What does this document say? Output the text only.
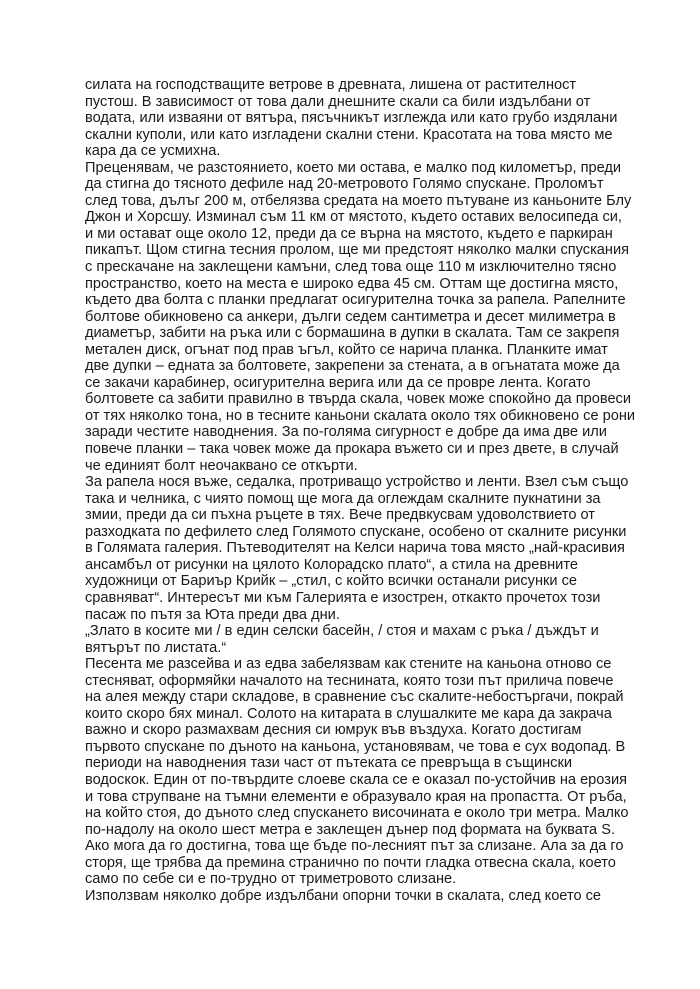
силата на господстващите ветрове в древната, лишена от растителност
пустош. В зависимост от това дали днешните скали са били издълбани от
водата, или изваяни от вятъра, пясъчникът изглежда или като грубо издялани
скални куполи, или като изгладени скални стени. Красотата на това място ме
кара да се усмихна.
Преценявам, че разстоянието, което ми остава, е малко под километър, преди
да стигна до тясното дефиле над 20-метровото Голямо спускане. Проломът
след това, дълъг 200 м, отбелязва средата на моето пътуване из каньоните Блу
Джон и Хорсшу. Изминал съм 11 км от мястото, където оставих велосипеда си,
и ми остават още около 12, преди да се върна на мястото, където е паркиран
пикапът. Щом стигна тесния пролом, ще ми предстоят няколко малки спускания
с прескачане на заклещени камъни, след това още 110 м изключително тясно
пространство, което на места е широко едва 45 см. Оттам ще достигна място,
където два болта с планки предлагат осигурителна точка за рапела. Рапелните
болтове обикновено са анкери, дълги седем сантиметра и десет милиметра в
диаметър, забити на ръка или с бормашина в дупки в скалата. Там се закрепя
метален диск, огънат под прав ъгъл, който се нарича планка. Планките имат
две дупки – едната за болтовете, закрепени за стената, а в огънатата може да
се закачи карабинер, осигурителна верига или да се провре лента. Когато
болтовете са забити правилно в твърда скала, човек може спокойно да провеси
от тях няколко тона, но в тесните каньони скалата около тях обикновено се рони
заради честите наводнения. За по-голяма сигурност е добре да има две или
повече планки – така човек може да прокара въжето си и през двете, в случай
че единият болт неочаквано се откърти.
За рапела нося въже, седалка, протриващо устройство и ленти. Взел съм също
така и челника, с чиято помощ ще мога да оглеждам скалните пукнатини за
змии, преди да си пъхна ръцете в тях. Вече предвкусвам удоволствието от
разходката по дефилето след Голямото спускане, особено от скалните рисунки
в Голямата галерия. Пътеводителят на Келси нарича това място „най-красивия
ансамбъл от рисунки на цялото Колорадско плато“, а стила на древните
художници от Бариър Крийк – „стил, с който всички останали рисунки се
сравняват“. Интересът ми към Галерията е изострен, откакто прочетох този
пасаж по пътя за Юта преди два дни.
„Злато в косите ми / в един селски басейн, / стоя и махам с ръка / дъждът и
вятърът по листата.“
Песента ме разсейва и аз едва забелязвам как стените на каньона отново се
стесняват, оформяйки началото на теснината, която този път прилича повече
на алея между стари складове, в сравнение със скалите-небостъргачи, покрай
които скоро бях минал. Солото на китарата в слушалките ме кара да закрача
важно и скоро размахвам десния си юмрук във въздуха. Когато достигам
първото спускане по дъното на каньона, установявам, че това е сух водопад. В
периоди на наводнения тази част от пътеката се превръща в същински
водоскок. Един от по-твърдите слоеве скала се е оказал по-устойчив на ерозия
и това струпване на тъмни елементи е образувало края на пропастта. От ръба,
на който стоя, до дъното след спускането височината е около три метра. Малко
по-надолу на около шест метра е заклещен дънер под формата на буквата S.
Ако мога да го достигна, това ще бъде по-лесният път за слизане. Ала за да го
сторя, ще трябва да премина странично по почти гладка отвесна скала, което
само по себе си е по-трудно от триметровото слизане.
Използвам няколко добре издълбани опорни точки в скалата, след което се
